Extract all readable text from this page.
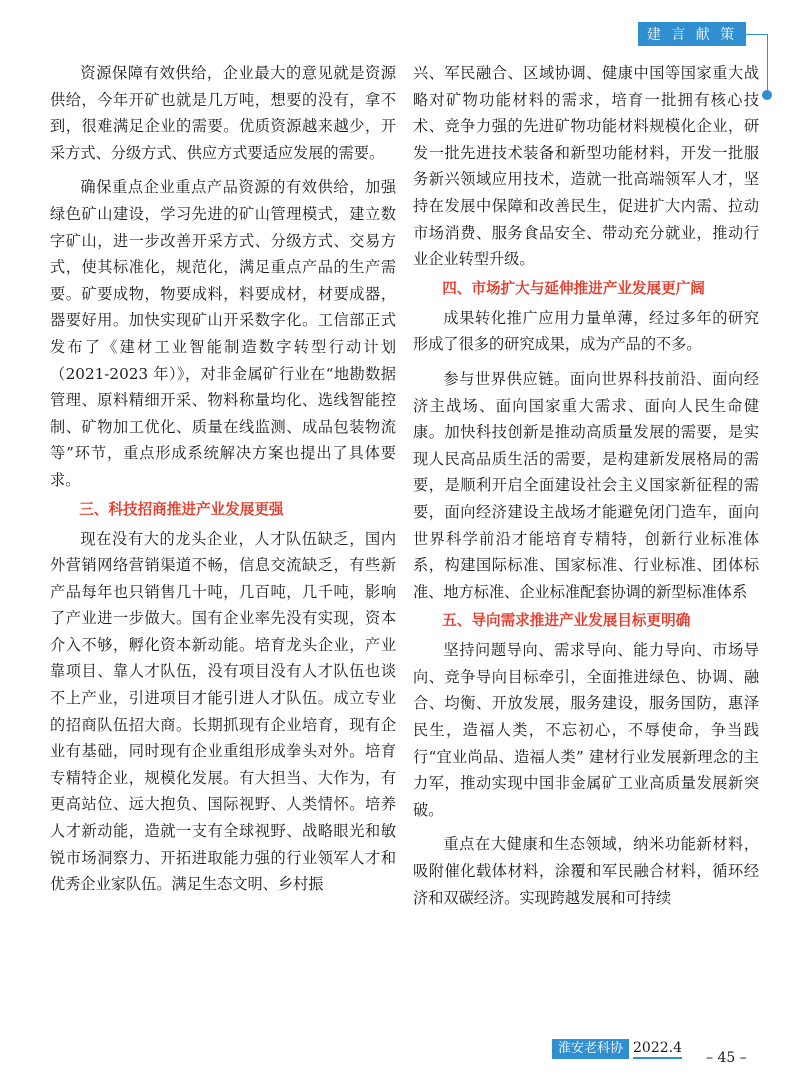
建 言 献 策

资源保障有效供给，企业最大的意见就是资源供给，今年开矿也就是几万吨，想要的没有，拿不到，很难满足企业的需要。优质资源越来越少，开采方式、分级方式、供应方式要适应发展的需要。

确保重点企业重点产品资源的有效供给，加强绿色矿山建设，学习先进的矿山管理模式，建立数字矿山，进一步改善开采方式、分级方式、交易方式，使其标准化，规范化，满足重点产品的生产需要。矿要成物，物要成料，料要成材，材要成器，器要好用。加快实现矿山开采数字化。工信部正式发布了《建材工业智能制造数字转型行动计划（2021-2023 年）》，对非金属矿行业在“地勘数据管理、原料精细开采、物料称量均化、选线智能控制、矿物加工优化、质量在线监测、成品包装物流等”环节，重点形成系统解决方案也提出了具体要求。

三、科技招商推进产业发展更强

现在没有大的龙头企业，人才队伍缺乏，国内外营销网络营销渠道不畅，信息交流缺乏，有些新产品每年也只销售几十吨，几百吨，几千吨，影响了产业进一步做大。国有企业率先没有实现，资本介入不够，孵化资本新动能。培育龙头企业，产业靠项目、靠人才队伍，没有项目没有人才队伍也谈不上产业，引进项目才能引进人才队伍。成立专业的招商队伍招大商。长期抓现有企业培育，现有企业有基础，同时现有企业重组形成拳头对外。培育专精特企业，规模化发展。有大担当、大作为，有更高站位、远大抱负、国际视野、人类情怀。培养人才新动能，造就一支有全球视野、战略眼光和敏锐市场洞察力、开拓进取能力强的行业领军人才和优秀企业家队伍。满足生态文明、乡村振

兴、军民融合、区域协调、健康中国等国家重大战略对矿物功能材料的需求，培育一批拥有核心技术、竞争力强的先进矿物功能材料规模化企业，研发一批先进技术装备和新型功能材料，开发一批服务新兴领域应用技术，造就一批高端领军人才，坚持在发展中保障和改善民生，促进扩大内需、拉动市场消费、服务食品安全、带动充分就业，推动行业企业转型升级。

四、市场扩大与延伸推进产业发展更广阔

成果转化推广应用力量单薄，经过多年的研究形成了很多的研究成果，成为产品的不多。

参与世界供应链。面向世界科技前沿、面向经济主战场、面向国家重大需求、面向人民生命健康。加快科技创新是推动高质量发展的需要，是实现人民高品质生活的需要，是构建新发展格局的需要，是顺利开启全面建设社会主义国家新征程的需要，面向经济建设主战场才能避免闭门造车，面向世界科学前沿才能培育专精特，创新行业标准体系，构建国际标准、国家标准、行业标准、团体标准、地方标准、企业标准配套协调的新型标准体系

五、导向需求推进产业发展目标更明确

坚持问题导向、需求导向、能力导向、市场导向、竞争导向目标牵引，全面推进绿色、协调、融合、均衡、开放发展，服务建设，服务国防，惠泽民生，造福人类，不忘初心，不辱使命，争当践行“宜业尚品、造福人类” 建材行业发展新理念的主力军，推动实现中国非金属矿工业高质量发展新突破。

重点在大健康和生态领域，纳米功能新材料，吸附催化载体材料，涂覆和军民融合材料，循环经济和双碳经济。实现跨越发展和可持续

淮安老科协 2022.4
– 45 –
